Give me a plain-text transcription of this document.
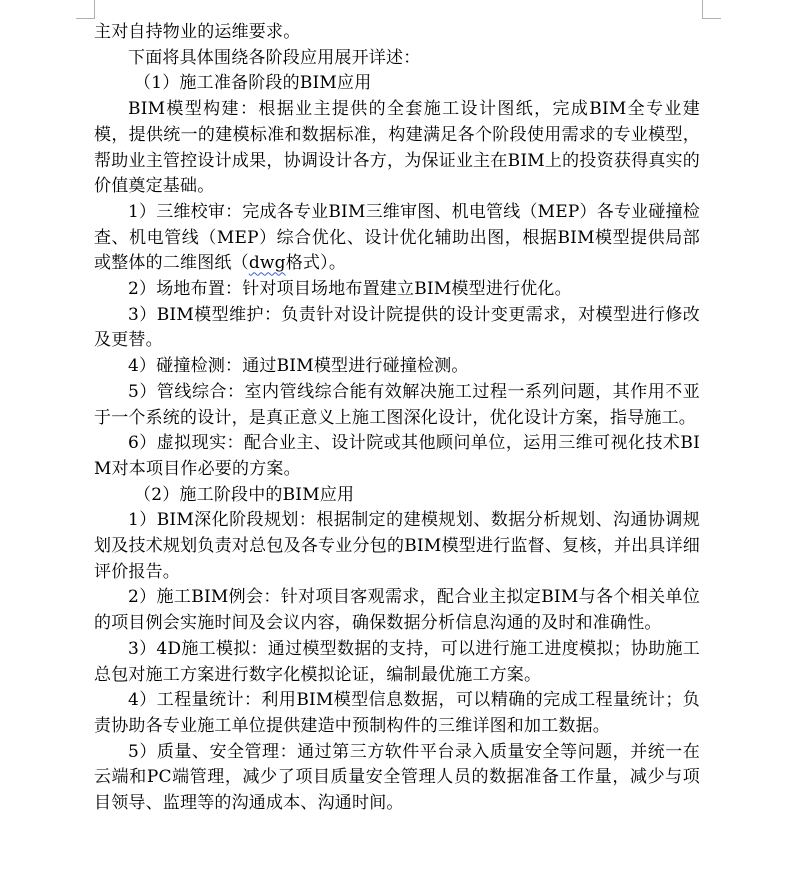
主对自持物业的运维要求。

下面将具体围绕各阶段应用展开详述：

（1）施工准备阶段的BIM应用

BIM模型构建：根据业主提供的全套施工设计图纸，完成BIM全专业建模，提供统一的建模标准和数据标准，构建满足各个阶段使用需求的专业模型，帮助业主管控设计成果，协调设计各方，为保证业主在BIM上的投资获得真实的价值奠定基础。

1）三维校审：完成各专业BIM三维审图、机电管线（MEP）各专业碰撞检查、机电管线（MEP）综合优化、设计优化辅助出图，根据BIM模型提供局部或整体的二维图纸（dwg格式）。

2）场地布置：针对项目场地布置建立BIM模型进行优化。

3）BIM模型维护：负责针对设计院提供的设计变更需求，对模型进行修改及更替。

4）碰撞检测：通过BIM模型进行碰撞检测。

5）管线综合：室内管线综合能有效解决施工过程一系列问题，其作用不亚于一个系统的设计，是真正意义上施工图深化设计，优化设计方案，指导施工。

6）虚拟现实：配合业主、设计院或其他顾问单位，运用三维可视化技术BIM对本项目作必要的方案。

（2）施工阶段中的BIM应用

1）BIM深化阶段规划：根据制定的建模规划、数据分析规划、沟通协调规划及技术规划负责对总包及各专业分包的BIM模型进行监督、复核，并出具详细评价报告。

2）施工BIM例会：针对项目客观需求，配合业主拟定BIM与各个相关单位的项目例会实施时间及会议内容，确保数据分析信息沟通的及时和准确性。

3）4D施工模拟：通过模型数据的支持，可以进行施工进度模拟；协助施工总包对施工方案进行数字化模拟论证，编制最优施工方案。

4）工程量统计：利用BIM模型信息数据，可以精确的完成工程量统计；负责协助各专业施工单位提供建造中预制构件的三维详图和加工数据。

5）质量、安全管理：通过第三方软件平台录入质量安全等问题，并统一在云端和PC端管理，减少了项目质量安全管理人员的数据准备工作量，减少与项目领导、监理等的沟通成本、沟通时间。
